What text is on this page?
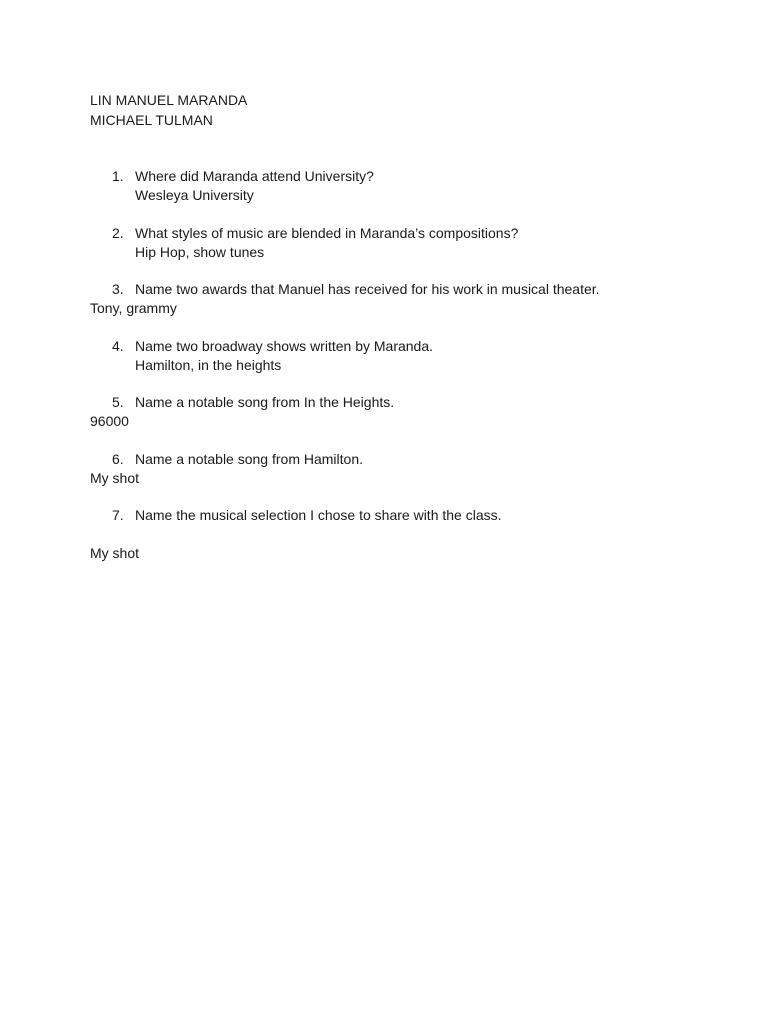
LIN MANUEL MARANDA
MICHAEL TULMAN
1. Where did Maranda attend University?
Wesleya University
2. What styles of music are blended in Maranda’s compositions?
Hip Hop, show tunes
3. Name two awards that Manuel has received for his work in musical theater.
Tony, grammy
4. Name two broadway shows written by Maranda.
Hamilton, in the heights
5. Name a notable song from In the Heights.
96000
6. Name a notable song from Hamilton.
My shot
7. Name the musical selection I chose to share with the class.
My shot
